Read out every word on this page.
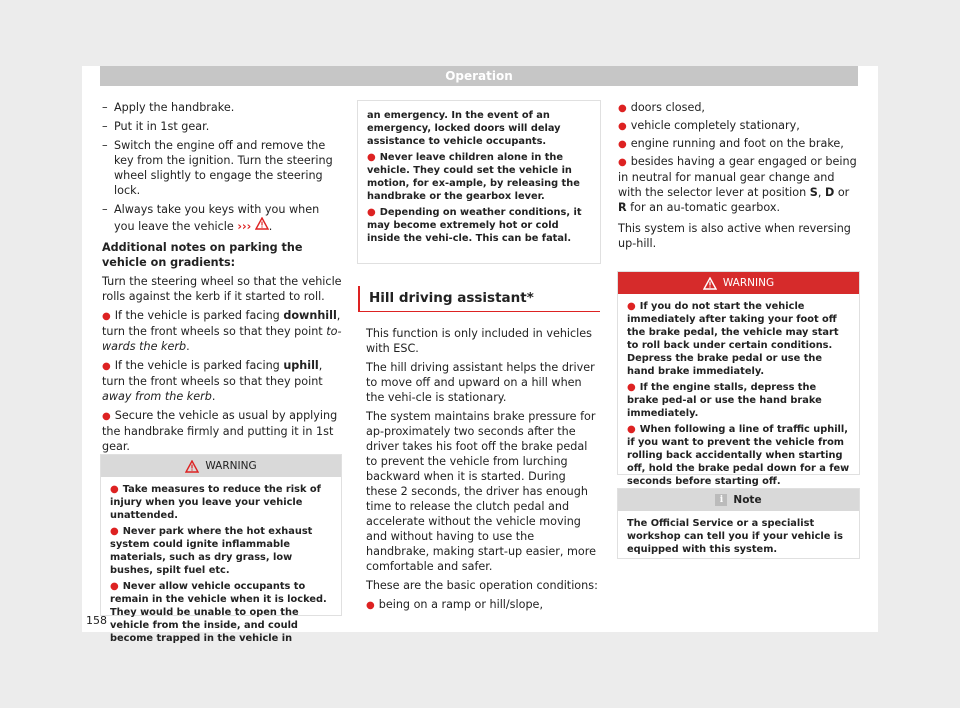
Operation
– Apply the handbrake.
– Put it in 1st gear.
– Switch the engine off and remove the key from the ignition. Turn the steering wheel slightly to engage the steering lock.
– Always take you keys with you when you leave the vehicle ››› .

Additional notes on parking the vehicle on gradients:

Turn the steering wheel so that the vehicle rolls against the kerb if it started to roll.

● If the vehicle is parked facing downhill, turn the front wheels so that they point to-wards the kerb.

● If the vehicle is parked facing uphill, turn the front wheels so that they point away from the kerb.

● Secure the vehicle as usual by applying the handbrake firmly and putting it in 1st gear.

WARNING

● Take measures to reduce the risk of injury when you leave your vehicle unattended.

● Never park where the hot exhaust system could ignite inflammable materials, such as dry grass, low bushes, spilt fuel etc.

● Never allow vehicle occupants to remain in the vehicle when it is locked. They would be unable to open the vehicle from the inside, and could become trapped in the vehicle in

an emergency. In the event of an emergency, locked doors will delay assistance to vehicle occupants.

● Never leave children alone in the vehicle. They could set the vehicle in motion, for ex-ample, by releasing the handbrake or the gearbox lever.

● Depending on weather conditions, it may become extremely hot or cold inside the vehi-cle. This can be fatal.

Hill driving assistant*

This function is only included in vehicles with ESC.

The hill driving assistant helps the driver to move off and upward on a hill when the vehi-cle is stationary.

The system maintains brake pressure for ap-proximately two seconds after the driver takes his foot off the brake pedal to prevent the vehicle from lurching backward when it is started. During these 2 seconds, the driver has enough time to release the clutch pedal and accelerate without the vehicle moving and without having to use the handbrake, making start-up easier, more comfortable and safer.

These are the basic operation conditions:

● being on a ramp or hill/slope,

● doors closed,

● vehicle completely stationary,

● engine running and foot on the brake,

● besides having a gear engaged or being in neutral for manual gear change and with the selector lever at position S, D or R for an au-tomatic gearbox.

This system is also active when reversing up-hill.

WARNING

● If you do not start the vehicle immediately after taking your foot off the brake pedal, the vehicle may start to roll back under certain conditions. Depress the brake pedal or use the hand brake immediately.

● If the engine stalls, depress the brake ped-al or use the hand brake immediately.

● When following a line of traffic uphill, if you want to prevent the vehicle from rolling back accidentally when starting off, hold the brake pedal down for a few seconds before starting off.

i Note
The Official Service or a specialist workshop can tell you if your vehicle is equipped with this system.
158
